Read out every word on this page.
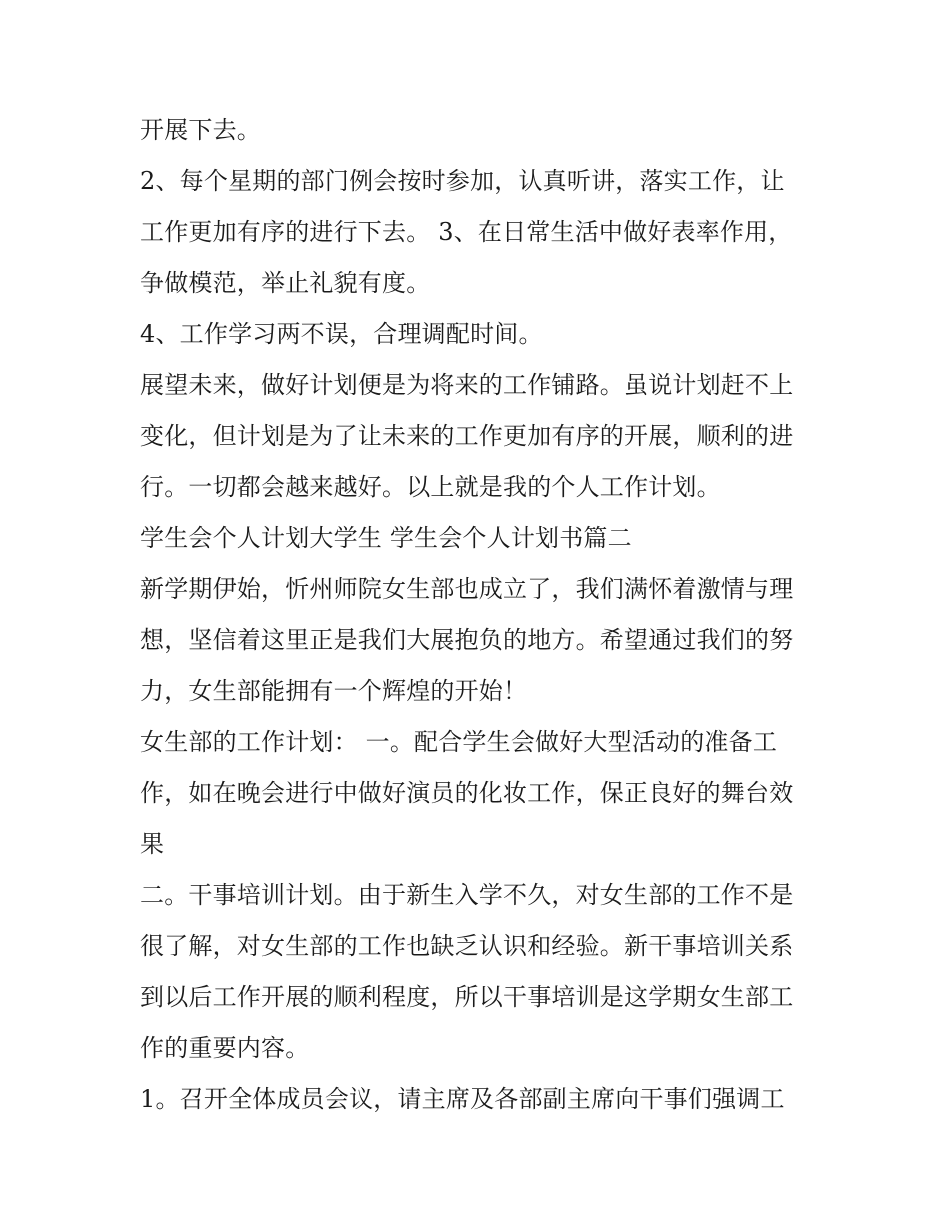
开展下去。
2、每个星期的部门例会按时参加，认真听讲，落实工作，让
工作更加有序的进行下去。 3、在日常生活中做好表率作用，
争做模范，举止礼貌有度。
4、工作学习两不误，合理调配时间。
展望未来，做好计划便是为将来的工作铺路。虽说计划赶不上
变化，但计划是为了让未来的工作更加有序的开展，顺利的进
行。一切都会越来越好。以上就是我的个人工作计划。
学生会个人计划大学生 学生会个人计划书篇二
新学期伊始，忻州师院女生部也成立了，我们满怀着激情与理
想，坚信着这里正是我们大展抱负的地方。希望通过我们的努
力，女生部能拥有一个辉煌的开始！
女生部的工作计划： 一。配合学生会做好大型活动的准备工
作，如在晚会进行中做好演员的化妆工作，保正良好的舞台效
果
二。干事培训计划。由于新生入学不久，对女生部的工作不是
很了解，对女生部的工作也缺乏认识和经验。新干事培训关系
到以后工作开展的顺利程度，所以干事培训是这学期女生部工
作的重要内容。
1。召开全体成员会议，请主席及各部副主席向干事们强调工
